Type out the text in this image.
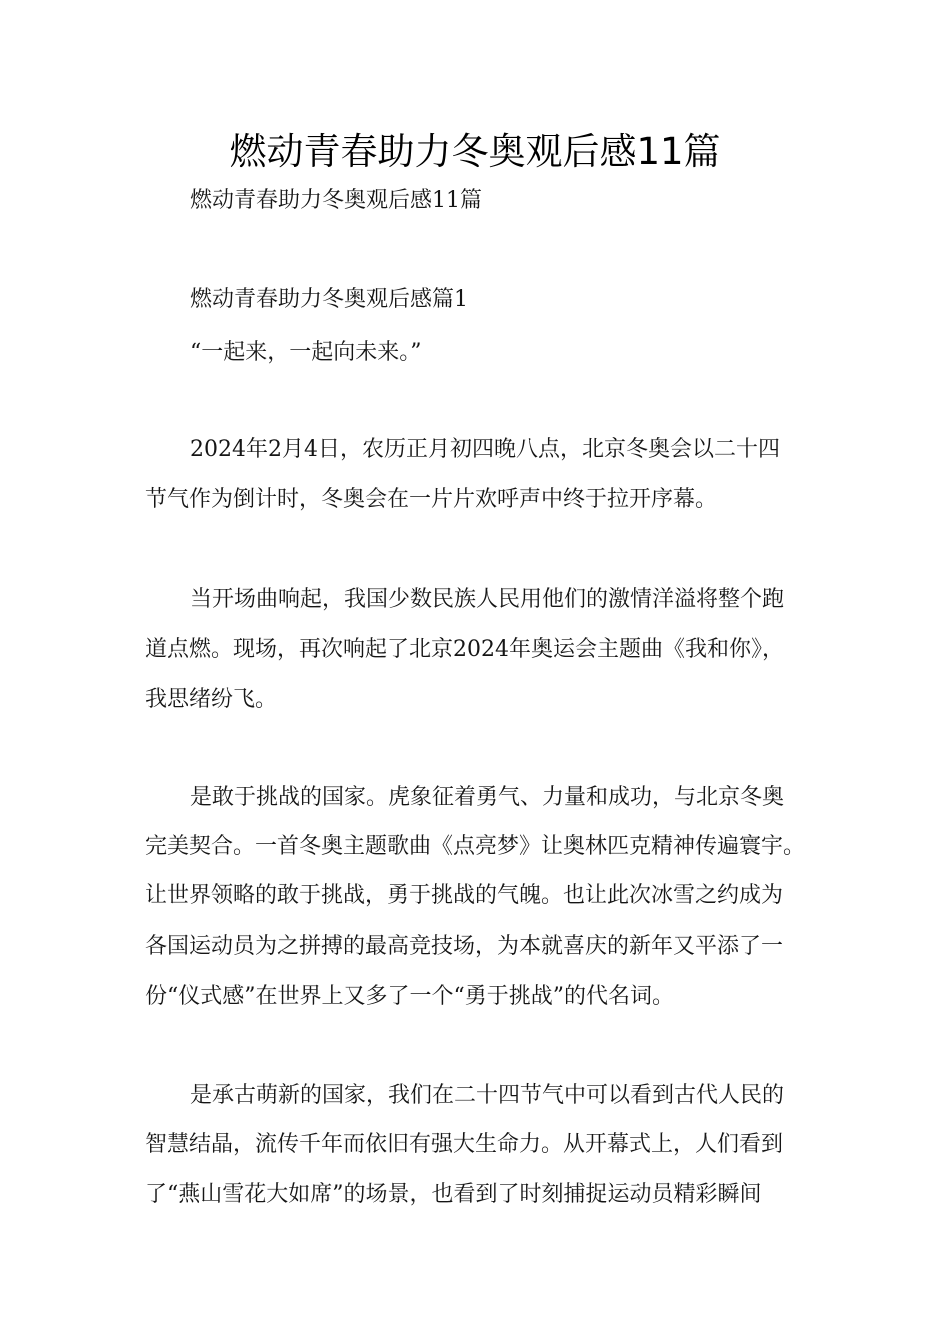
燃动青春助力冬奥观后感11篇
燃动青春助力冬奥观后感11篇
燃动青春助力冬奥观后感篇1
“一起来，一起向未来。”
2024年2月4日，农历正月初四晚八点，北京冬奥会以二十四
节气作为倒计时，冬奥会在一片片欢呼声中终于拉开序幕。
当开场曲响起，我国少数民族人民用他们的激情洋溢将整个跑
道点燃。现场，再次响起了北京2024年奥运会主题曲《我和你》，
我思绪纷飞。
是敢于挑战的国家。虎象征着勇气、力量和成功，与北京冬奥
完美契合。一首冬奥主题歌曲《点亮梦》让奥林匹克精神传遍寰宇。
让世界领略的敢于挑战，勇于挑战的气魄。也让此次冰雪之约成为
各国运动员为之拼搏的最高竞技场，为本就喜庆的新年又平添了一
份“仪式感”在世界上又多了一个“勇于挑战”的代名词。
是承古萌新的国家，我们在二十四节气中可以看到古代人民的
智慧结晶，流传千年而依旧有强大生命力。从开幕式上，人们看到
了“燕山雪花大如席”的场景，也看到了时刻捕捉运动员精彩瞬间
